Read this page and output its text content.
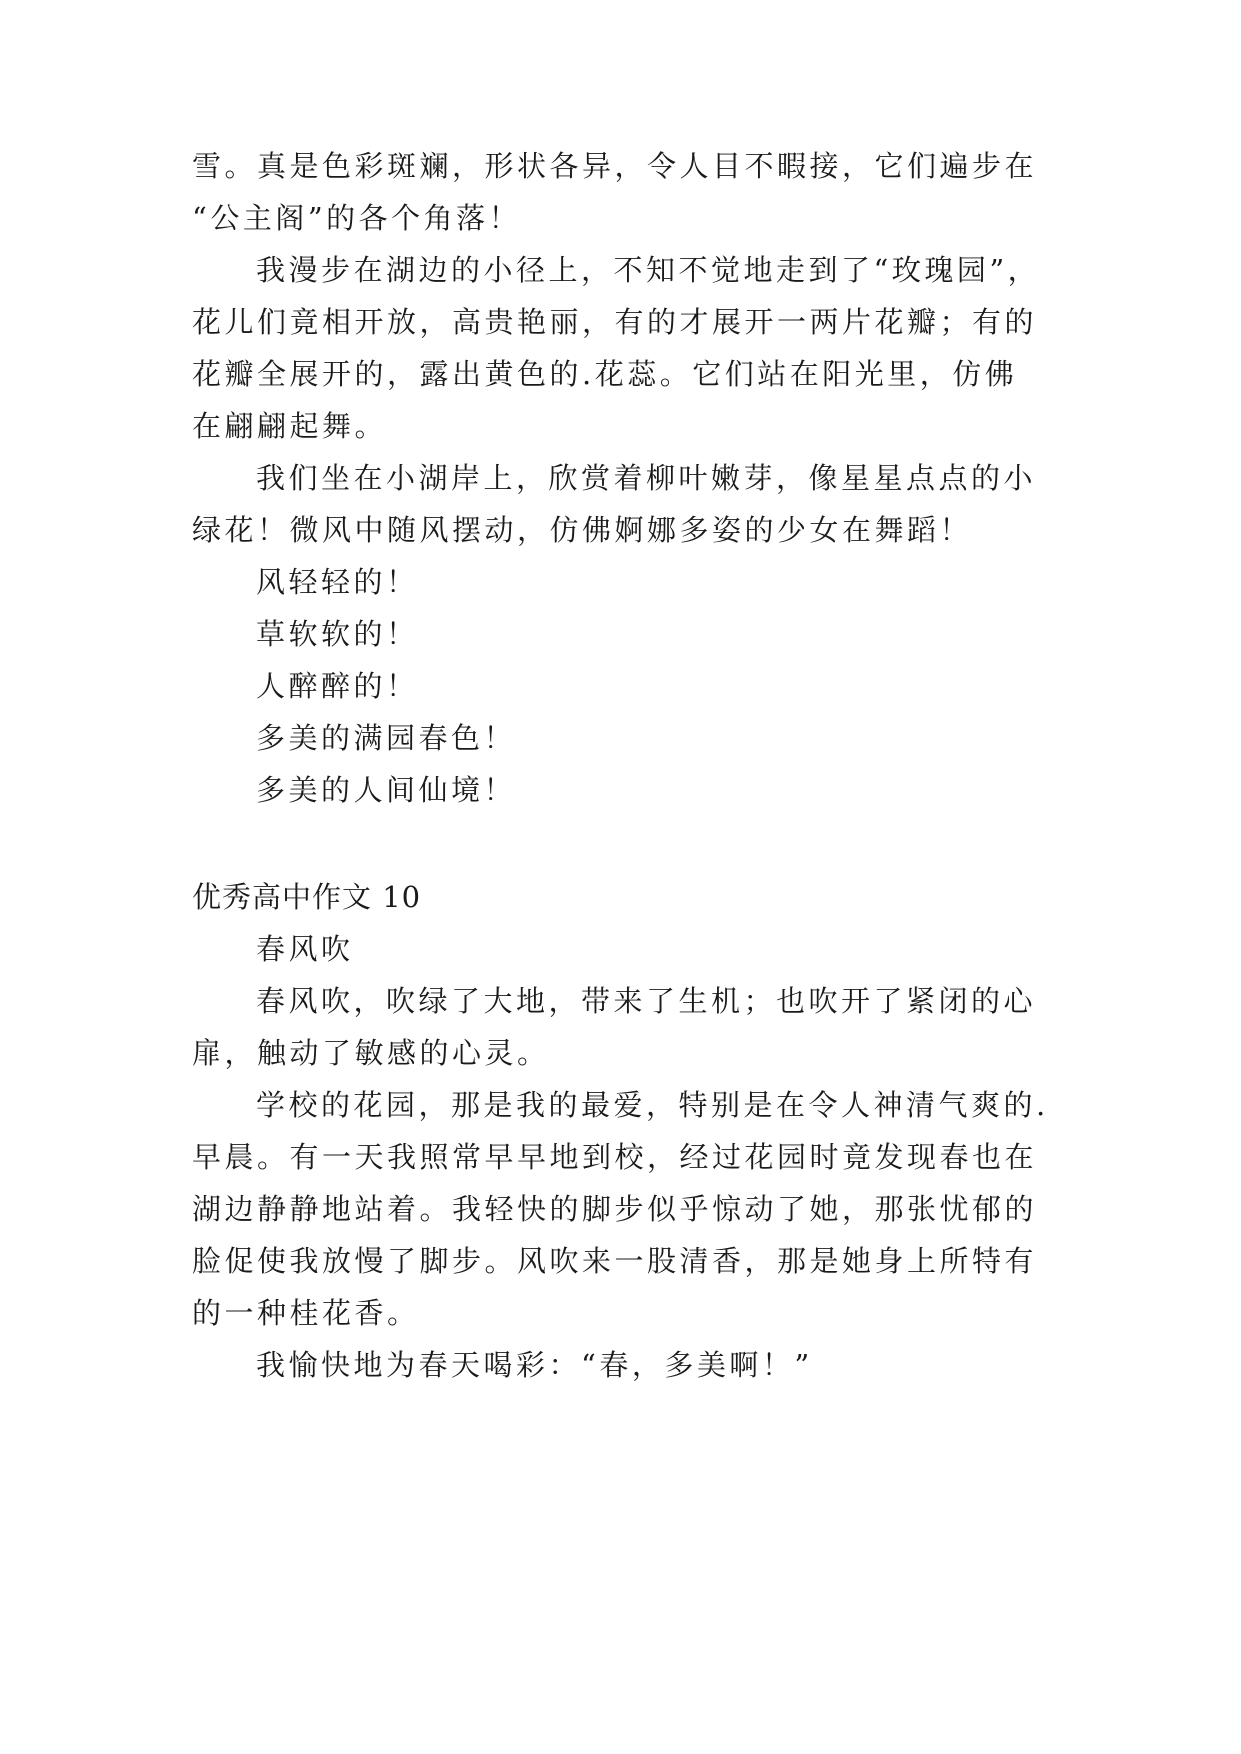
雪。真是色彩斑斓，形状各异，令人目不暇接，它们遍步在
“公主阁”的各个角落！
我漫步在湖边的小径上，不知不觉地走到了“玫瑰园”，
花儿们竟相开放，高贵艳丽，有的才展开一两片花瓣；有的
花瓣全展开的，露出黄色的.花蕊。它们站在阳光里，仿佛
在翩翩起舞。
我们坐在小湖岸上，欣赏着柳叶嫩芽，像星星点点的小
绿花！微风中随风摆动，仿佛婀娜多姿的少女在舞蹈！
风轻轻的！
草软软的！
人醉醉的！
多美的满园春色！
多美的人间仙境！
优秀高中作文 10
春风吹
春风吹，吹绿了大地，带来了生机；也吹开了紧闭的心
扉，触动了敏感的心灵。
学校的花园，那是我的最爱，特别是在令人神清气爽的.
早晨。有一天我照常早早地到校，经过花园时竟发现春也在
湖边静静地站着。我轻快的脚步似乎惊动了她，那张忧郁的
脸促使我放慢了脚步。风吹来一股清香，那是她身上所特有
的一种桂花香。
我愉快地为春天喝彩：“春，多美啊！”
